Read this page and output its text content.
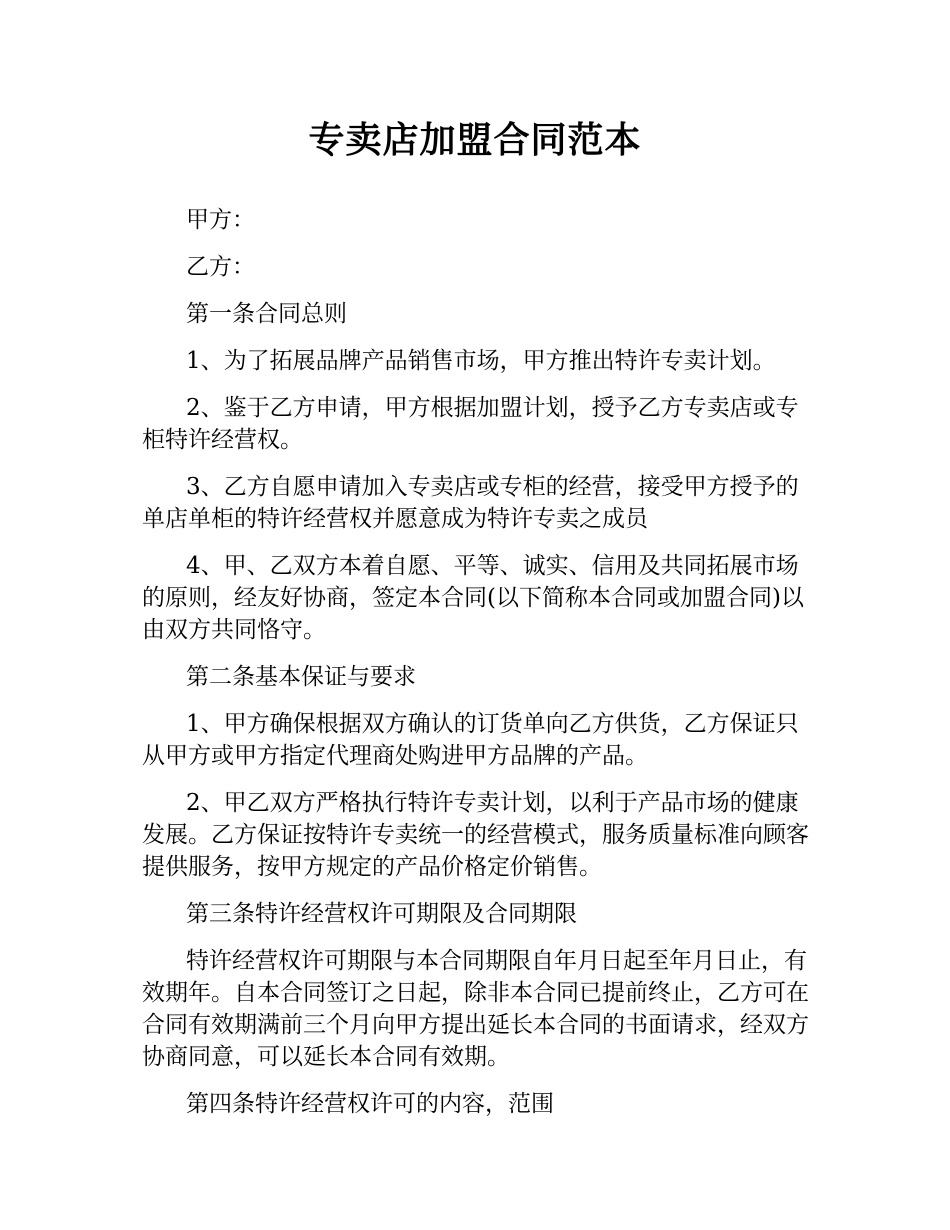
专卖店加盟合同范本

甲方：

乙方：

第一条合同总则

1、为了拓展品牌产品销售市场，甲方推出特许专卖计划。

2、鉴于乙方申请，甲方根据加盟计划，授予乙方专卖店或专柜特许经营权。

3、乙方自愿申请加入专卖店或专柜的经营，接受甲方授予的单店单柜的特许经营权并愿意成为特许专卖之成员

4、甲、乙双方本着自愿、平等、诚实、信用及共同拓展市场的原则，经友好协商，签定本合同(以下简称本合同或加盟合同)以由双方共同恪守。

第二条基本保证与要求

1、甲方确保根据双方确认的订货单向乙方供货，乙方保证只从甲方或甲方指定代理商处购进甲方品牌的产品。

2、甲乙双方严格执行特许专卖计划，以利于产品市场的健康发展。乙方保证按特许专卖统一的经营模式，服务质量标准向顾客提供服务，按甲方规定的产品价格定价销售。

第三条特许经营权许可期限及合同期限

特许经营权许可期限与本合同期限自年月日起至年月日止，有效期年。自本合同签订之日起，除非本合同已提前终止，乙方可在合同有效期满前三个月向甲方提出延长本合同的书面请求，经双方协商同意，可以延长本合同有效期。

第四条特许经营权许可的内容，范围
